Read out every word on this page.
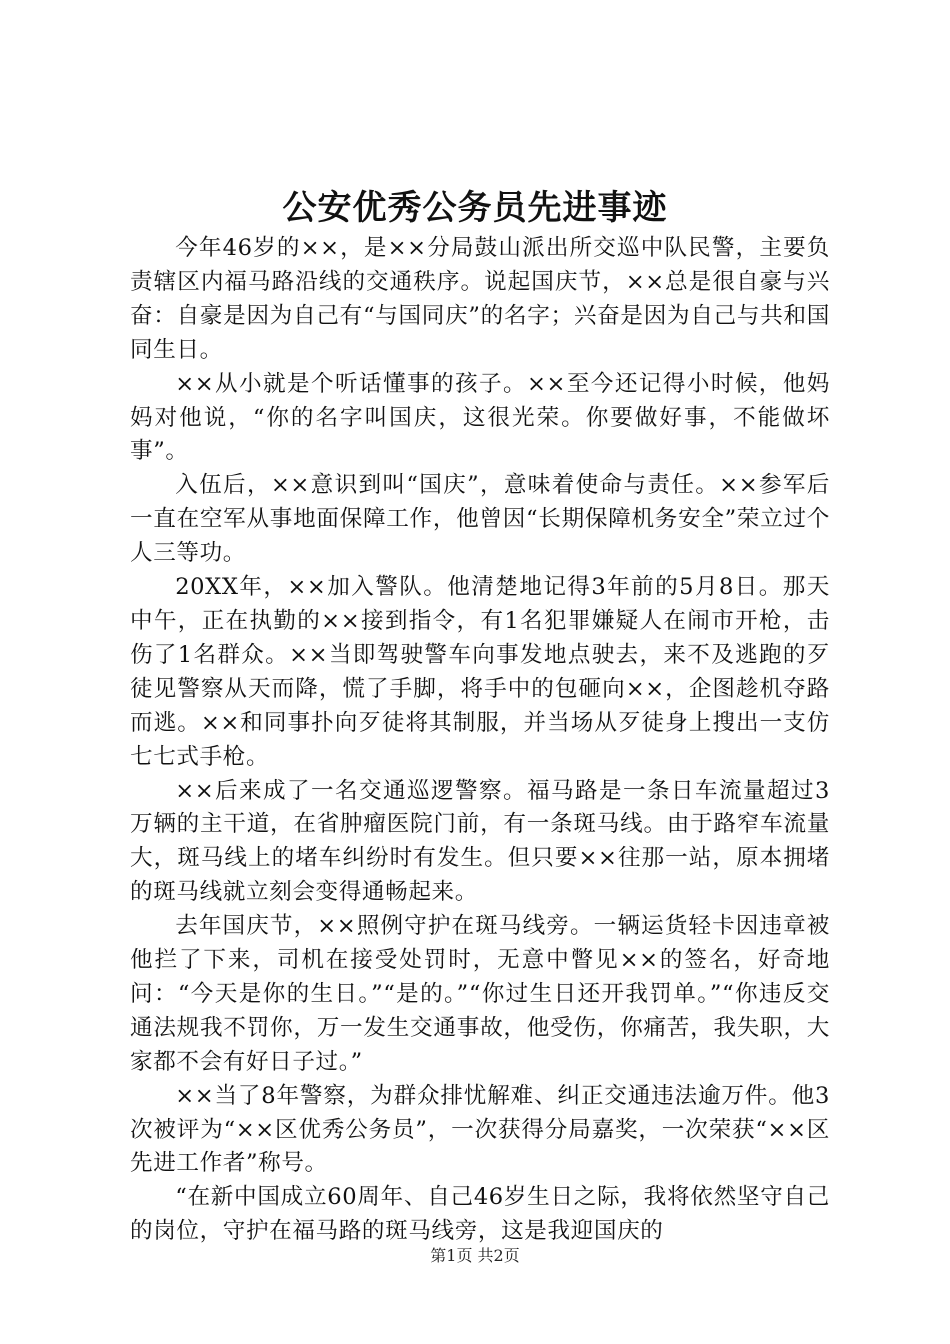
公安优秀公务员先进事迹

今年46岁的××，是××分局鼓山派出所交巡中队民警，主要负责辖区内福马路沿线的交通秩序。说起国庆节，××总是很自豪与兴奋：自豪是因为自己有“与国同庆”的名字；兴奋是因为自己与共和国同生日。

××从小就是个听话懂事的孩子。××至今还记得小时候，他妈妈对他说，“你的名字叫国庆，这很光荣。你要做好事，不能做坏事”。

入伍后，××意识到叫“国庆”，意味着使命与责任。××参军后一直在空军从事地面保障工作，他曾因“长期保障机务安全”荣立过个人三等功。

20XX年，××加入警队。他清楚地记得3年前的5月8日。那天中午，正在执勤的××接到指令，有1名犯罪嫌疑人在闹市开枪，击伤了1名群众。××当即驾驶警车向事发地点驶去，来不及逃跑的歹徒见警察从天而降，慌了手脚，将手中的包砸向××，企图趁机夺路而逃。××和同事扑向歹徒将其制服，并当场从歹徒身上搜出一支仿七七式手枪。

××后来成了一名交通巡逻警察。福马路是一条日车流量超过3万辆的主干道，在省肿瘤医院门前，有一条斑马线。由于路窄车流量大，斑马线上的堵车纠纷时有发生。但只要××往那一站，原本拥堵的斑马线就立刻会变得通畅起来。

去年国庆节，××照例守护在斑马线旁。一辆运货轻卡因违章被他拦了下来，司机在接受处罚时，无意中瞥见××的签名，好奇地问：“今天是你的生日。”“是的。”“你过生日还开我罚单。”“你违反交通法规我不罚你，万一发生交通事故，他受伤，你痛苦，我失职，大家都不会有好日子过。”

××当了8年警察，为群众排忧解难、纠正交通违法逾万件。他3次被评为“××区优秀公务员”，一次获得分局嘉奖，一次荣获“××区先进工作者”称号。

“在新中国成立60周年、自己46岁生日之际，我将依然坚守自己的岗位，守护在福马路的斑马线旁，这是我迎国庆的

第1页 共2页
